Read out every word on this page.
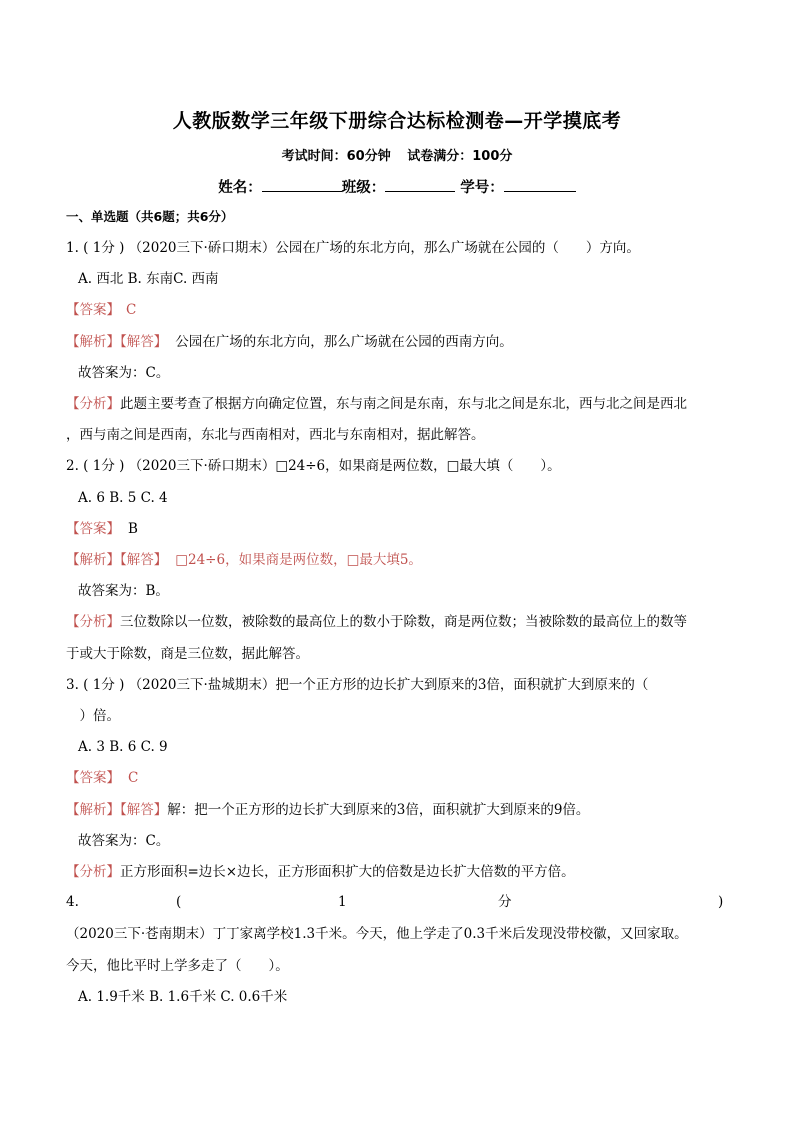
人教版数学三年级下册综合达标检测卷—开学摸底考
考试时间：60分钟 试卷满分：100分
姓名：	班级：	学号：
一、单选题（共6题；共6分）
1. ( 1分 ) （2020三下·硚口期末）公园在广场的东北方向，那么广场就在公园的（　　）方向。
A. 西北 B. 东南C. 西南
【答案】 C
【解析】【解答】 公园在广场的东北方向，那么广场就在公园的西南方向。
故答案为：C。
【分析】此题主要考查了根据方向确定位置，东与南之间是东南，东与北之间是东北，西与北之间是西北
，西与南之间是西南，东北与西南相对，西北与东南相对，据此解答。
2. ( 1分 ) （2020三下·硚口期末）□24÷6，如果商是两位数，□最大填（　　）。
A. 6 B. 5 C. 4
【答案】 B
【解析】【解答】 □24÷6，如果商是两位数，□最大填5。
故答案为：B。
【分析】三位数除以一位数，被除数的最高位上的数小于除数，商是两位数；当被除数的最高位上的数等
于或大于除数，商是三位数，据此解答。
3. ( 1分 ) （2020三下·盐城期末）把一个正方形的边长扩大到原来的3倍，面积就扩大到原来的（
　）倍。
A. 3 B. 6 C. 9
【答案】 C
【解析】【解答】解：把一个正方形的边长扩大到原来的3倍，面积就扩大到原来的9倍。
故答案为：C。
【分析】正方形面积=边长×边长，正方形面积扩大的倍数是边长扩大倍数的平方倍。
4.	(	1	分	)
（2020三下·苍南期末）丁丁家离学校1.3千米。今天，他上学走了0.3千米后发现没带校徽，又回家取。
今天，他比平时上学多走了（　　）。
A. 1.9千米 B. 1.6千米 C. 0.6千米
